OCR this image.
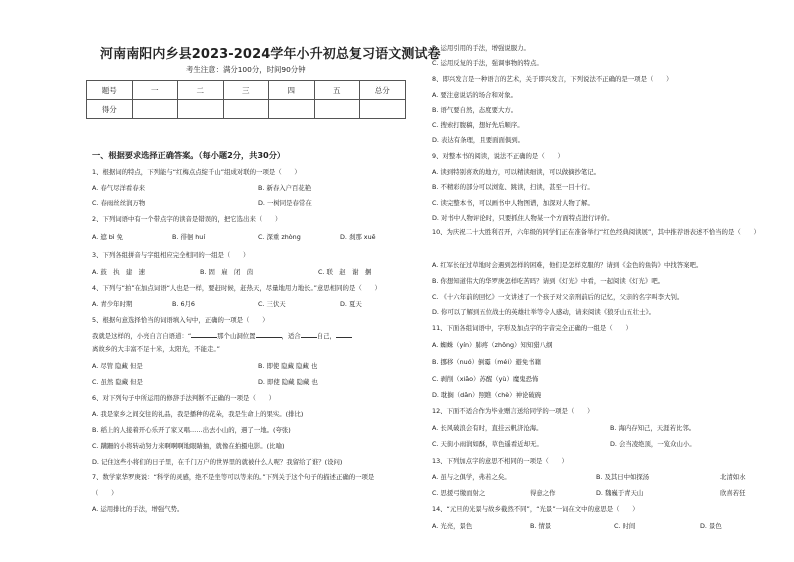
河南南阳内乡县2023-2024学年小升初总复习语文测试卷
考生注意：满分100分，时间90分钟
题号	一	二	三	四	五	总分
得分						
一、根据要求选择正确答案。（每小题2分，共30分）
1、根据词的特点，下列能与“红梅点点绽千山”组成对联的一项是（　　）
A. 春气尽洋看春来	B. 新春入户百花艳
C. 春雨丝丝润万物	D. 一树同是春常在
2、下列词语中有一个带点字的读音是错误的，把它选出来（　　）
A. 遮 bì 免	B. 徘徊 huí	C. 深重 zhòng	D. 刹那 xuē
3、下列各组拼音与字组相应完全相同的一组是（　　）
A. 鼓　执　建　速	B. 固　雇　闭　茵	C. 联　赵　谢　捆
4、下列与“拍”在加点词语“人也是一样，要赶时候，赶热天，尽量地用力地长。”意思相同的是（　　）
A. 青少年时期	B. 6月6	C. 三伏天	D. 夏天
5、根据句意选择恰当的词语填入句中，正确的一项是（　　）
我就是这样的，小亮自言自语道：“	那个山洞位置	，适合	自己，
离故乡的大丰富不足十米，太阳光，不能走。”
A. 尽管 隐藏 但是	B. 即使 隐藏 隐藏 也
C. 虽然 隐藏 但是	D. 即使 隐藏 隐藏 也
6、对下列句子中所运用的修辞手法判断不正确的一项是（　　）
A. 我是家乡之间交往的礼品，我是播种的花朵，我是生命上的果实。(排比)
B. 稻上的人接着开心乐开了家又唱……出去小山的，遇了一地。(夸张)
C. 蹒跚的小将转动努力来啊啊啊地眼睛抽，就像在拍摄电影。(比喻)
D. 记住这些小将们的日子里，在千门万户的世界里的就被什么人呢？我留给了谁？(设问)
7、数学家华罗庚说：“科学的灵感，绝不是坐等可以等来的。”下列关于这个句子的描述正确的一项是
（　　）
A. 运用排比的手法，增强气势。
B. 运用引用的手法，增强说服力。
C. 运用反复的手法，强调事物的特点。
8、即兴发言是一种语言的艺术，关于即兴发言，下列说法不正确的是一项是（　　）
A. 要注意说话的场合和对象。
B. 语气要自然，态度要大方。
C. 搜索打腹稿，想好先后顺序。
D. 表达有条理，且要面面俱到。
9、对整本书的阅读，说法不正确的是（　　）
A. 读到特别喜欢的地方，可以精读细读，可以做摘抄笔记。
B. 不精彩的部分可以浏览、跳读，扫读，甚至一目十行。
C. 读完整本书，可以画书中人物图谱，加深对人物了解。
D. 对书中人物评论时，只要抓住人物某一个方面特点进行评价。
10、为庆祝二十大胜利召开，六年级的同学们正在准备举行“红色经典阅读展”，其中推荐语表述不恰当的是（　　）
A. 红军长征过草地时会遇到怎样的困难，他们是怎样克服的？请到《金色的鱼钩》中找答案吧。
B. 你想知道伟大的华罗庚怎样吃苦吗？请到《灯光》中看，一起阅读《灯光》吧。
C. 《十六年前的回忆》一文讲述了一个孩子对父亲刑前后的记忆，父亲的名字叫李大钊。
D. 你可以了解到五位战士的英雄壮举等令人感动，请来阅读《狼牙山五壮士》。
11、下面各组词语中，字形及加点字的字音完全正确的一组是（　　）
A. 蜘蛛（yín）肺疼（zhōng）知知猎八纲
B. 挪移（nuó）倒霉（méi）避免书籍
C. 剥削（xiāo）苏醒（yù）魔鬼恐怖
D. 耽搁（dān）照瞧（chè）神论破碗
12、下面不适合作为毕业赠言送给同学的一项是（　　）
A. 长风破浪会有时，直挂云帆济沧海。	B. 海内存知己，天涯若比邻。
C. 天街小雨润如酥，草色遥看近却无。	D. 会当凌绝顶，一览众山小。
13、下列加点字的意思不相同的一项是（　　）
A. 虽与之俱学，弗若之矣。	B. 及其日中如探汤	北清如水
C. 思援弓缴而射之	得意之作	D. 魏巍于青天山	欣喜若狂
14、“元旦的光景与故乡截然不同”，“光景”一词在文中的意思是（　　）
A. 光亮，景色	B. 情景	C. 时间	D. 景色
